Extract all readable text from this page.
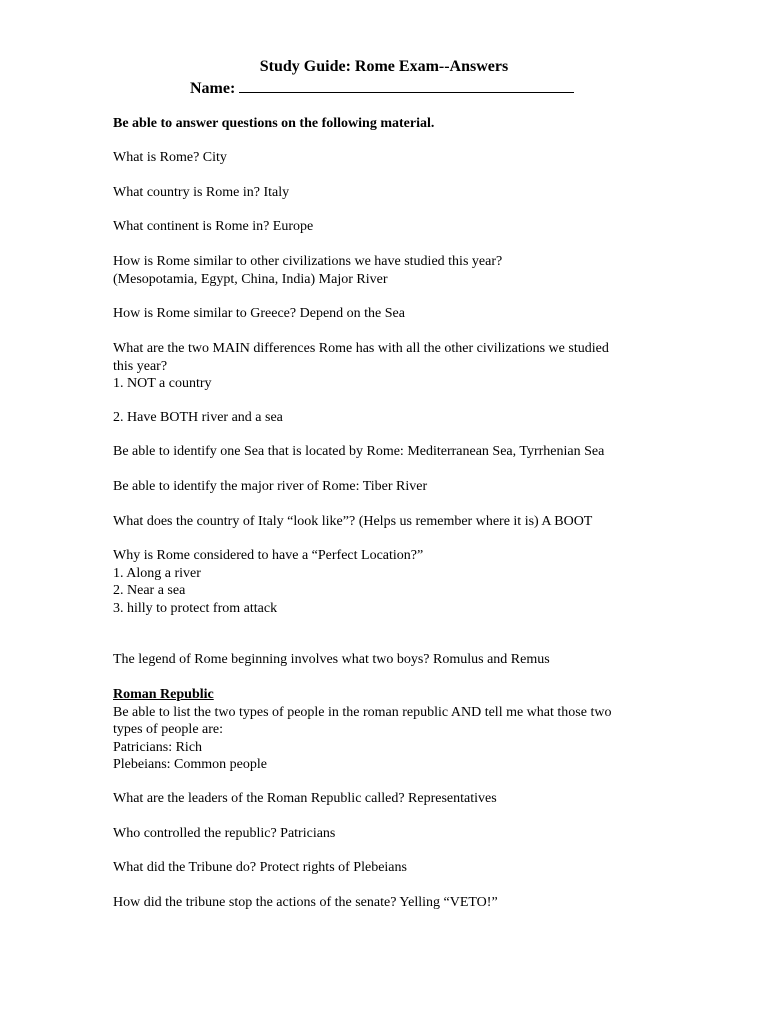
Study Guide: Rome Exam--Answers
Name:
Be able to answer questions on the following material.
What is Rome? City
What country is Rome in? Italy
What continent is Rome in? Europe

How is Rome similar to other civilizations we have studied this year?

(Mesopotamia, Egypt, China, India) Major River

How is Rome similar to Greece? Depend on the Sea

What are the two MAIN differences Rome has with all the other civilizations we studied

this year?

1. NOT a country

2. Have BOTH river and a sea
Be able to identify one Sea that is located by Rome: Mediterranean Sea, Tyrrhenian Sea
Be able to identify the major river of Rome: Tiber River
What does the country of Italy “look like”? (Helps us remember where it is) A BOOT

Why is Rome considered to have a “Perfect Location?”

1. Along a river

2. Near a sea

3. hilly to protect from attack

The legend of Rome beginning involves what two boys? Romulus and Remus

Roman Republic

Be able to list the two types of people in the roman republic AND tell me what those two

types of people are:

Patricians: Rich

Plebeians: Common people

What are the leaders of the Roman Republic called? Representatives
Who controlled the republic? Patricians
What did the Tribune do? Protect rights of Plebeians
How did the tribune stop the actions of the senate? Yelling “VETO!”
